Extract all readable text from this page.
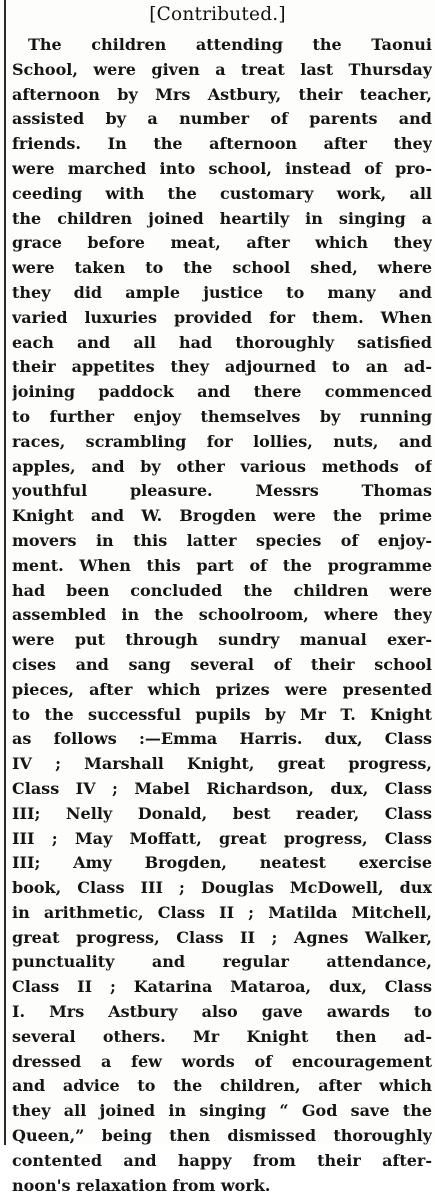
[Contributed.]
The children attending the Taonui
School, were given a treat last Thursday
afternoon by Mrs Astbury, their teacher,
assisted by a number of parents and
friends. In the afternoon after they
were marched into school, instead of pro-
ceeding with the customary work, all
the children joined heartily in singing a
grace before meat, after which they
were taken to the school shed, where
they did ample justice to many and
varied luxuries provided for them. When
each and all had thoroughly satisfied
their appetites they adjourned to an ad-
joining paddock and there commenced
to further enjoy themselves by running
races, scrambling for lollies, nuts, and
apples, and by other various methods of
youthful pleasure. Messrs Thomas
Knight and W. Brogden were the prime
movers in this latter species of enjoy-
ment. When this part of the programme
had been concluded the children were
assembled in the schoolroom, where they
were put through sundry manual exer-
cises and sang several of their school
pieces, after which prizes were presented
to the successful pupils by Mr T. Knight
as follows :—Emma Harris. dux, Class
IV ; Marshall Knight, great progress,
Class IV ; Mabel Richardson, dux, Class
III; Nelly Donald, best reader, Class
III ; May Moffatt, great progress, Class
III; Amy Brogden, neatest exercise
book, Class III ; Douglas McDowell, dux
in arithmetic, Class II ; Matilda Mitchell,
great progress, Class II ; Agnes Walker,
punctuality and regular attendance,
Class II ; Katarina Mataroa, dux, Class
I. Mrs Astbury also gave awards to
several others. Mr Knight then ad-
dressed a few words of encouragement
and advice to the children, after which
they all joined in singing “ God save the
Queen,” being then dismissed thoroughly
contented and happy from their after-
noon's relaxation from work.
